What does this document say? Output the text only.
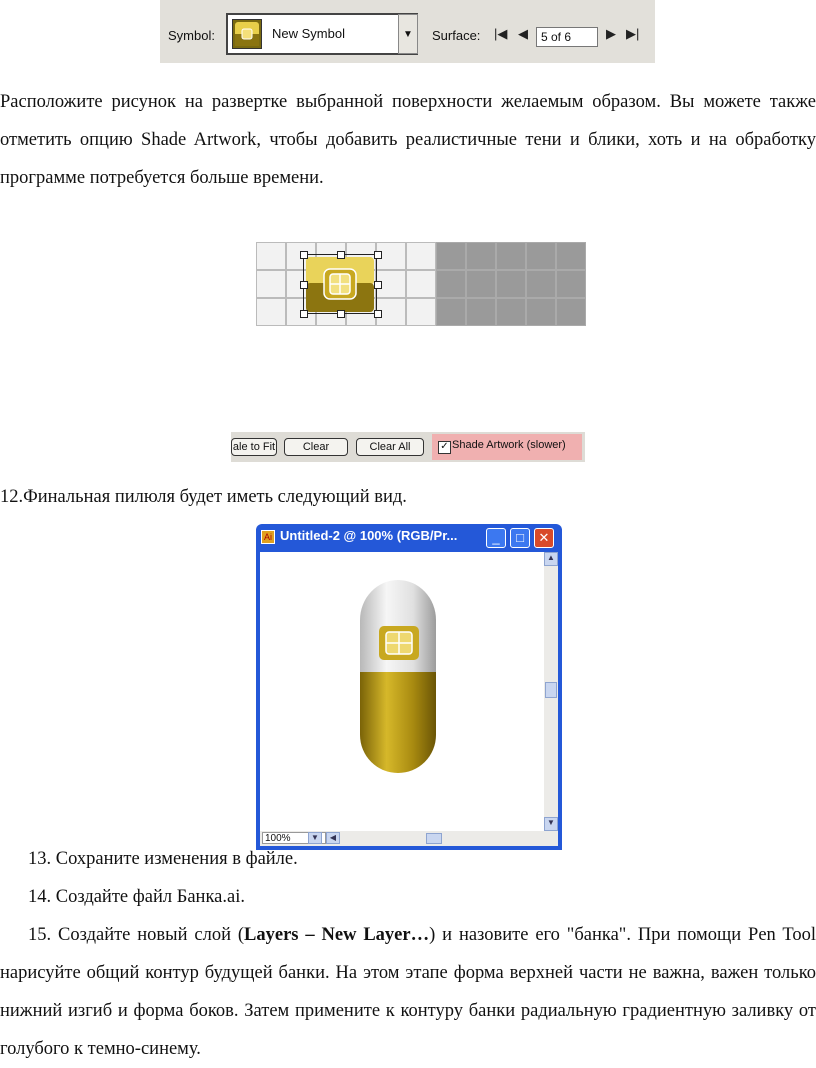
Symbol:	New Symbol	▼	Surface: |◀ ◀	5 of 6	▶ ▶|

Расположите рисунок на развертке выбранной поверхности желаемым образом. Вы можете также отметить опцию Shade Artwork, чтобы добавить реалистичные тени и блики, хоть и на обработку программе потребуется больше времени.

ale to Fit	Clear	Clear All	✓ Shade Artwork (slower)

12.Финальная пилюля будет иметь следующий вид.

Ai Untitled-2 @ 100% (RGB/Pr...	_	□	✕
▲
▼
100%	▼	◀

13. Сохраните изменения в файле.

14. Создайте файл Банка.ai.

15. Создайте новый слой (Layers – New Layer…) и назовите его "банка". При помощи Pen Tool нарисуйте общий контур будущей банки. На этом этапе форма верхней части не важна, важен только нижний изгиб и форма боков. Затем примените к контуру банки радиальную градиентную заливку от голубого к темно-синему.
